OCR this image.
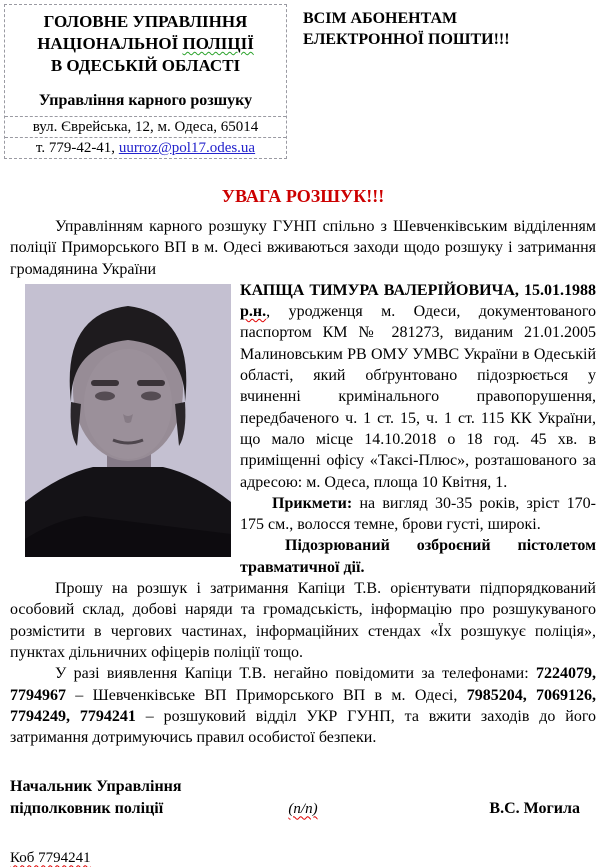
ГОЛОВНЕ УПРАВЛІННЯ
НАЦІОНАЛЬНОЇ ПОЛІЦІЇ
В ОДЕСЬКІЙ ОБЛАСТІ
Управління карного розшуку
вул. Єврейська, 12, м. Одеса, 65014
т. 779-42-41, uurroz@pol17.odes.ua
ВСІМ АБОНЕНТАМ
ЕЛЕКТРОННОЇ ПОШТИ!!!
УВАГА РОЗШУК!!!

Управлінням карного розшуку ГУНП спільно з Шевченківським відділенням поліції Приморського ВП в м. Одесі вживаються заходи щодо розшуку і затримання громадянина України

КАПЩА ТИМУРА ВАЛЕРІЙОВИЧА, 15.01.1988 р.н., уродженця м. Одеси, документованого паспортом КМ № 281273, виданим 21.01.2005 Малиновським РВ ОМУ УМВС України в Одеській області, який обґрунтовано підозрюється у вчиненні кримінального правопорушення, передбаченого ч. 1 ст. 15, ч. 1 ст. 115 КК України, що мало місце 14.10.2018 о 18 год. 45 хв. в приміщенні офісу «Таксі-Плюс», розташованого за адресою: м. Одеса, площа 10 Квітня, 1.

Прикмети: на вигляд 30-35 років, зріст 170-175 см., волосся темне, брови густі, широкі.

Підозрюваний озброєний пістолетом травматичної дії.

Прошу на розшук і затримання Капіци Т.В. орієнтувати підпорядкований особовий склад, добові наряди та громадськість, інформацію про розшукуваного розмістити в чергових частинах, інформаційних стендах «Їх розшукує поліція», пунктах дільничних офіцерів поліції тощо.

У разі виявлення Капіци Т.В. негайно повідомити за телефонами: 7224079, 7794967 – Шевченківське ВП Приморського ВП в м. Одесі, 7985204, 7069126, 7794249, 7794241 – розшуковий відділ УКР ГУНП, та вжити заходів до його затримання дотримуючись правил особистої безпеки.

Начальник Управління
підполковник поліції	(п/п)	В.С. Могила
Коб 7794241
